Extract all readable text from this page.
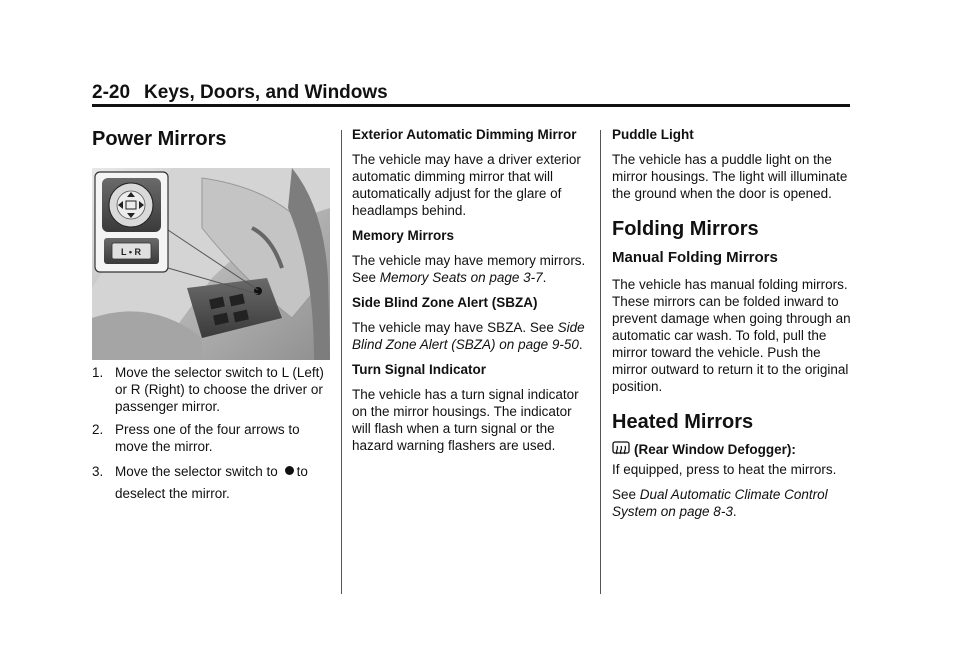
2-20 Keys, Doors, and Windows
Power Mirrors
L • R
1. Move the selector switch to L (Left) or R (Right) to choose the driver or passenger mirror.
2. Press one of the four arrows to move the mirror.
3. Move the selector switch to to deselect the mirror.
Exterior Automatic Dimming Mirror

The vehicle may have a driver exterior automatic dimming mirror that will automatically adjust for the glare of headlamps behind.

Memory Mirrors

The vehicle may have memory mirrors. See Memory Seats on page 3-7.

Side Blind Zone Alert (SBZA)

The vehicle may have SBZA. See Side Blind Zone Alert (SBZA) on page 9-50.

Turn Signal Indicator

The vehicle has a turn signal indicator on the mirror housings. The indicator will flash when a turn signal or the hazard warning flashers are used.

Puddle Light

The vehicle has a puddle light on the mirror housings. The light will illuminate the ground when the door is opened.

Folding Mirrors
Manual Folding Mirrors

The vehicle has manual folding mirrors. These mirrors can be folded inward to prevent damage when going through an automatic car wash. To fold, pull the mirror toward the vehicle. Push the mirror outward to return it to the original position.

Heated Mirrors
(Rear Window Defogger):
If equipped, press to heat the mirrors.

See Dual Automatic Climate Control System on page 8-3.
